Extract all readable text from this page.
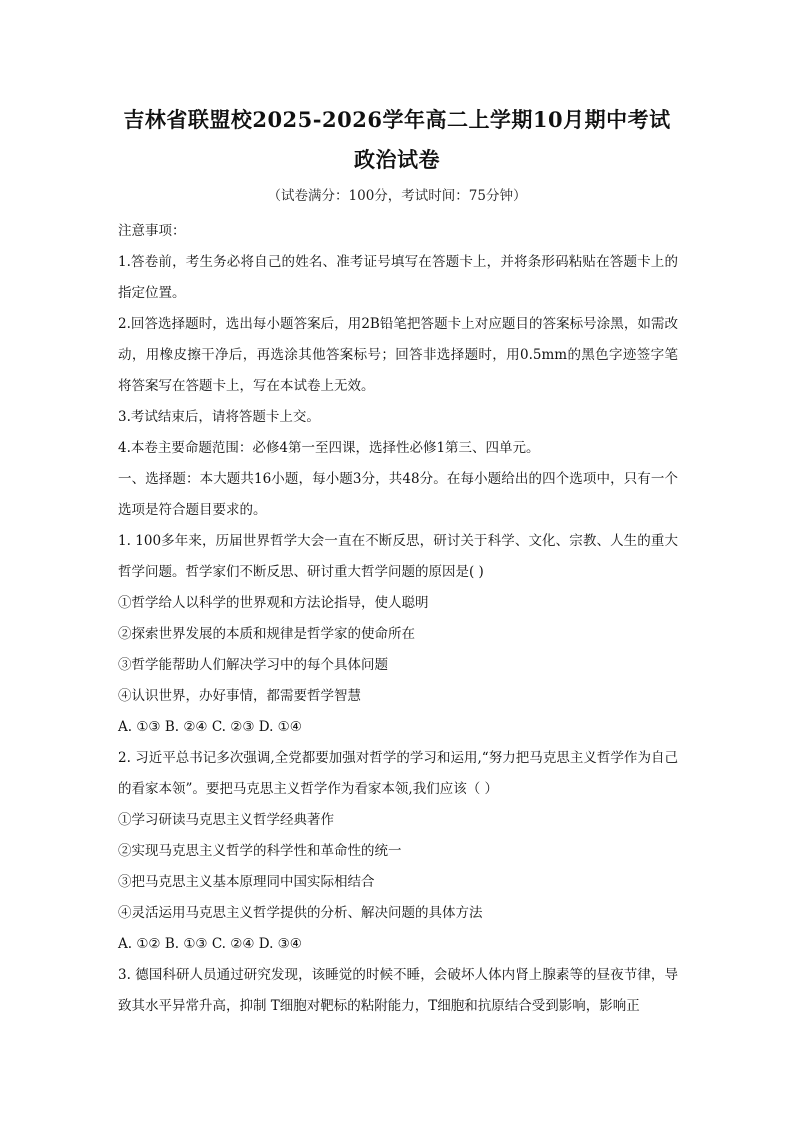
吉林省联盟校2025-2026学年高二上学期10月期中考试
政治试卷
（试卷满分：100分，考试时间：75分钟）

注意事项：

1.答卷前，考生务必将自己的姓名、准考证号填写在答题卡上，并将条形码粘贴在答题卡上的指定位置。

2.回答选择题时，选出每小题答案后，用2B铅笔把答题卡上对应题目的答案标号涂黑，如需改动，用橡皮擦干净后，再选涂其他答案标号；回答非选择题时，用0.5mm的黑色字迹签字笔将答案写在答题卡上，写在本试卷上无效。

3.考试结束后，请将答题卡上交。

4.本卷主要命题范围：必修4第一至四课，选择性必修1第三、四单元。

一、选择题：本大题共16小题，每小题3分，共48分。在每小题给出的四个选项中，只有一个选项是符合题目要求的。

1. 100多年来，历届世界哲学大会一直在不断反思，研讨关于科学、文化、宗教、人生的重大哲学问题。哲学家们不断反思、研讨重大哲学问题的原因是( )

①哲学给人以科学的世界观和方法论指导，使人聪明

②探索世界发展的本质和规律是哲学家的使命所在

③哲学能帮助人们解决学习中的每个具体问题

④认识世界，办好事情，都需要哲学智慧

A. ①③ B. ②④ C. ②③ D. ①④

2. 习近平总书记多次强调,全党都要加强对哲学的学习和运用,“努力把马克思主义哲学作为自己的看家本领”。要把马克思主义哲学作为看家本领,我们应该（ ）

①学习研读马克思主义哲学经典著作

②实现马克思主义哲学的科学性和革命性的统一

③把马克思主义基本原理同中国实际相结合

④灵活运用马克思主义哲学提供的分析、解决问题的具体方法

A. ①② B. ①③ C. ②④ D. ③④

3. 德国科研人员通过研究发现，该睡觉的时候不睡，会破坏人体内肾上腺素等的昼夜节律，导致其水平异常升高，抑制 T细胞对靶标的粘附能力，T细胞和抗原结合受到影响，影响正
